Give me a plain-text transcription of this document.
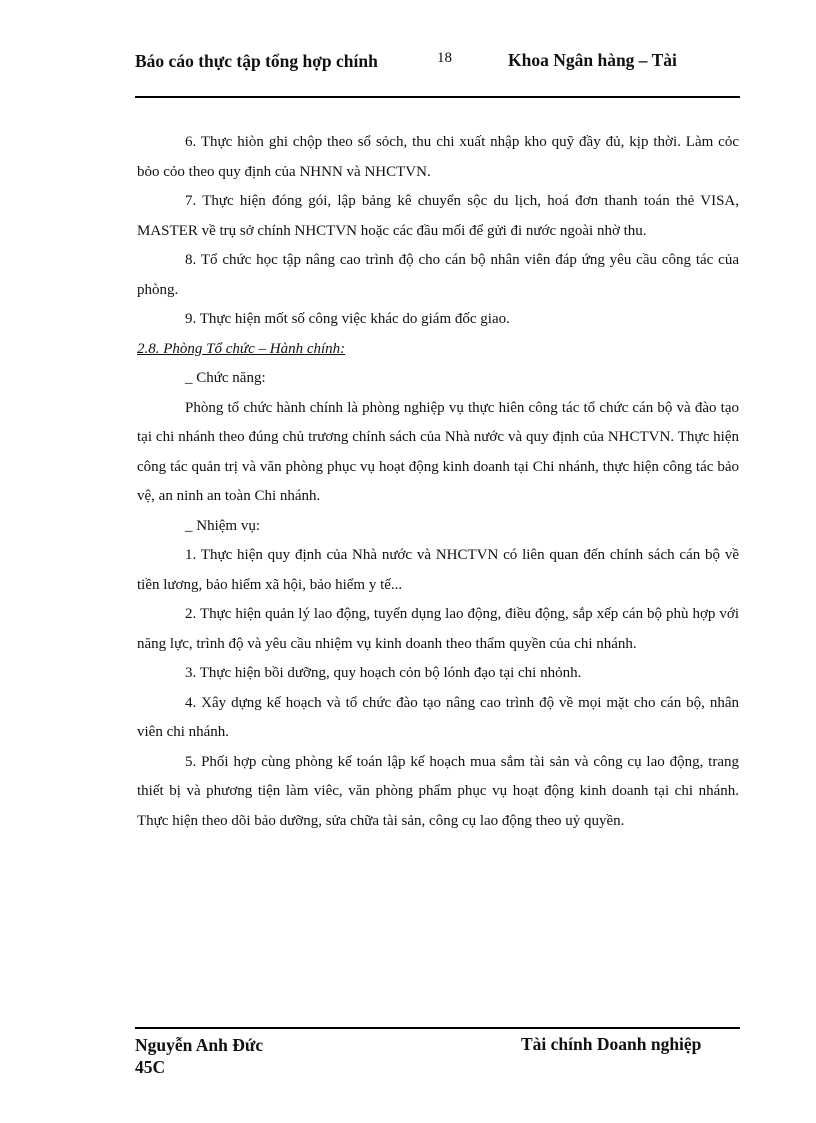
Báo cáo thực tập tổng hợp chính	18	Khoa Ngân hàng – Tài

6. Thực hiòn ghi chộp theo sổ sỏch, thu chi xuất nhập kho quỹ đầy đủ, kịp thời. Làm cỏc bỏo cỏo theo quy định của NHNN và NHCTVN.

7. Thực hiện đóng gói, lập bảng kê chuyển sộc du lịch, hoá đơn thanh toán thẻ VISA, MASTER về trụ sở chính NHCTVN hoặc các đầu mối để gửi đi nước ngoài nhờ thu.

8. Tổ chức học tập nâng cao trình độ cho cán bộ nhân viên đáp ứng yêu cầu công tác của phòng.

9. Thực hiện mốt số công việc khác do giám đốc giao.

2.8. Phòng Tổ chức – Hành chính:

_ Chức năng:

Phòng tổ chức hành chính là phòng nghiệp vụ thực hiên công tác tổ chức cán bộ và đào tạo tại chi nhánh theo đúng chủ trương chính sách của Nhà nước và quy định của NHCTVN. Thực hiện công tác quản trị và văn phòng phục vụ hoạt động kinh doanh tại Chi nhánh, thực hiện công tác bảo vệ, an ninh an toàn Chi nhánh.

_ Nhiệm vụ:

1. Thực hiện quy định của Nhà nước và NHCTVN có liên quan đến chính sách cán bộ về tiền lương, bảo hiểm xã hội, bảo hiểm y tế...

2. Thực hiện quản lý lao động, tuyển dụng lao động, điều động, sắp xếp cán bộ phù hợp với năng lực, trình độ và yêu cầu nhiệm vụ kinh doanh theo thẩm quyền của chi nhánh.

3. Thực hiện bồi dưỡng, quy hoạch cỏn bộ lónh đạo tại chi nhỏnh.

4. Xây dựng kế hoạch và tổ chức đào tạo nâng cao trình độ về mọi mặt cho cán bộ, nhân viên chi nhánh.

5. Phối hợp cùng phòng kế toán lập kế hoạch mua sắm tài sản và công cụ lao động, trang thiết bị và phương tiện làm viêc, văn phòng phẩm phục vụ hoạt động kinh doanh tại chi nhánh. Thực hiện theo dõi bảo dưỡng, sửa chữa tài sản, công cụ lao động theo uỷ quyền.

Nguyễn Anh Đức 45C
Tài chính Doanh nghiệp
